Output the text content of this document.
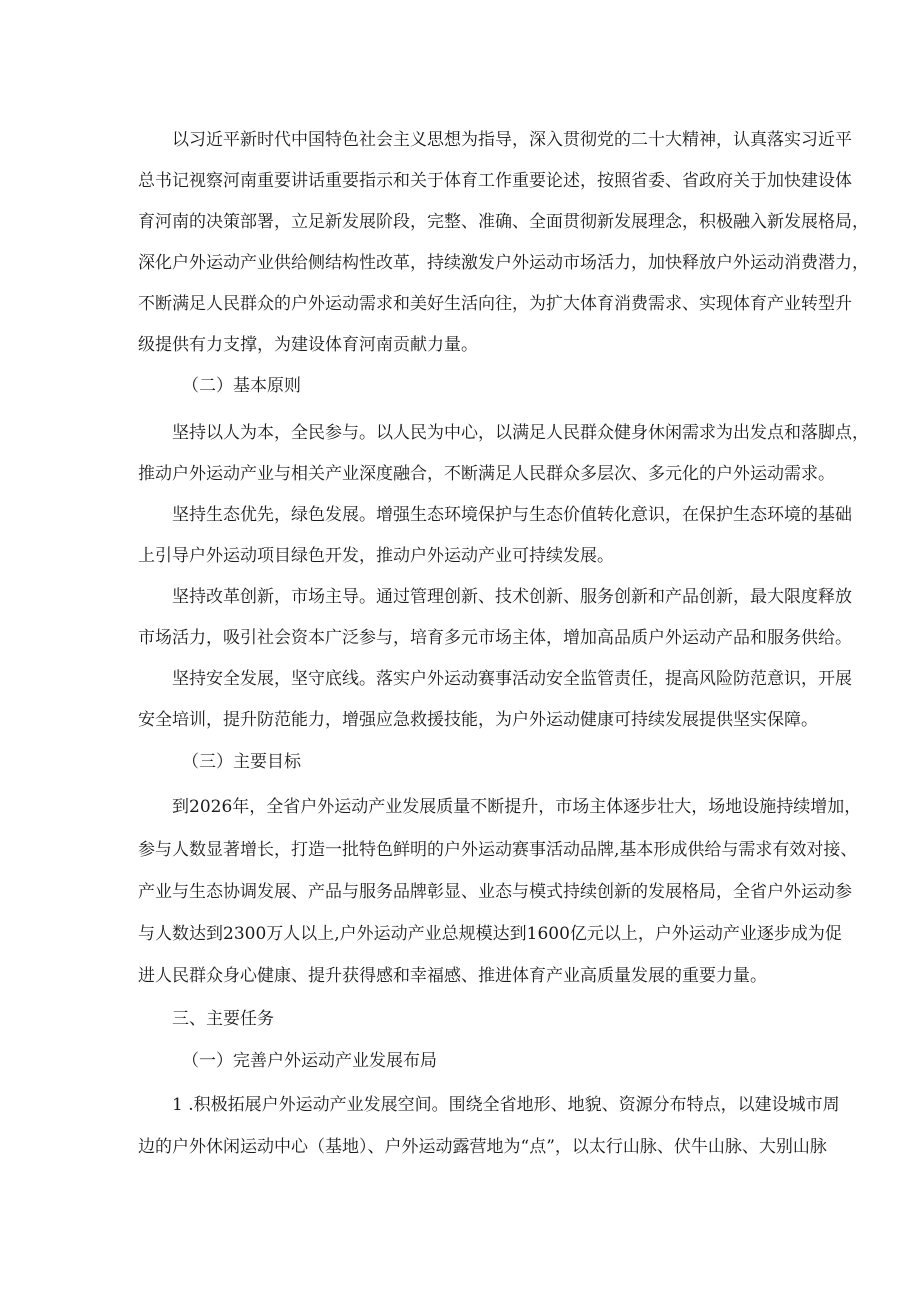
以习近平新时代中国特色社会主义思想为指导，深入贯彻党的二十大精神，认真落实习近平
总书记视察河南重要讲话重要指示和关于体育工作重要论述，按照省委、省政府关于加快建设体
育河南的决策部署，立足新发展阶段，完整、准确、全面贯彻新发展理念，积极融入新发展格局，
深化户外运动产业供给侧结构性改革，持续激发户外运动市场活力，加快释放户外运动消费潜力，
不断满足人民群众的户外运动需求和美好生活向往，为扩大体育消费需求、实现体育产业转型升
级提供有力支撑，为建设体育河南贡献力量。
（二）基本原则
坚持以人为本，全民参与。以人民为中心，以满足人民群众健身休闲需求为出发点和落脚点，
推动户外运动产业与相关产业深度融合，不断满足人民群众多层次、多元化的户外运动需求。
坚持生态优先，绿色发展。增强生态环境保护与生态价值转化意识，在保护生态环境的基础
上引导户外运动项目绿色开发，推动户外运动产业可持续发展。
坚持改革创新，市场主导。通过管理创新、技术创新、服务创新和产品创新，最大限度释放
市场活力，吸引社会资本广泛参与，培育多元市场主体，增加高品质户外运动产品和服务供给。
坚持安全发展，坚守底线。落实户外运动赛事活动安全监管责任，提高风险防范意识，开展
安全培训，提升防范能力，增强应急救援技能，为户外运动健康可持续发展提供坚实保障。
（三）主要目标
到2026年，全省户外运动产业发展质量不断提升，市场主体逐步壮大，场地设施持续增加，
参与人数显著增长，打造一批特色鲜明的户外运动赛事活动品牌,基本形成供给与需求有效对接、
产业与生态协调发展、产品与服务品牌彰显、业态与模式持续创新的发展格局，全省户外运动参
与人数达到2300万人以上,户外运动产业总规模达到1600亿元以上，户外运动产业逐步成为促
进人民群众身心健康、提升获得感和幸福感、推进体育产业高质量发展的重要力量。
三、主要任务
（一）完善户外运动产业发展布局
1 .积极拓展户外运动产业发展空间。围绕全省地形、地貌、资源分布特点，以建设城市周
边的户外休闲运动中心（基地）、户外运动露营地为“点”，以太行山脉、伏牛山脉、大别山脉
